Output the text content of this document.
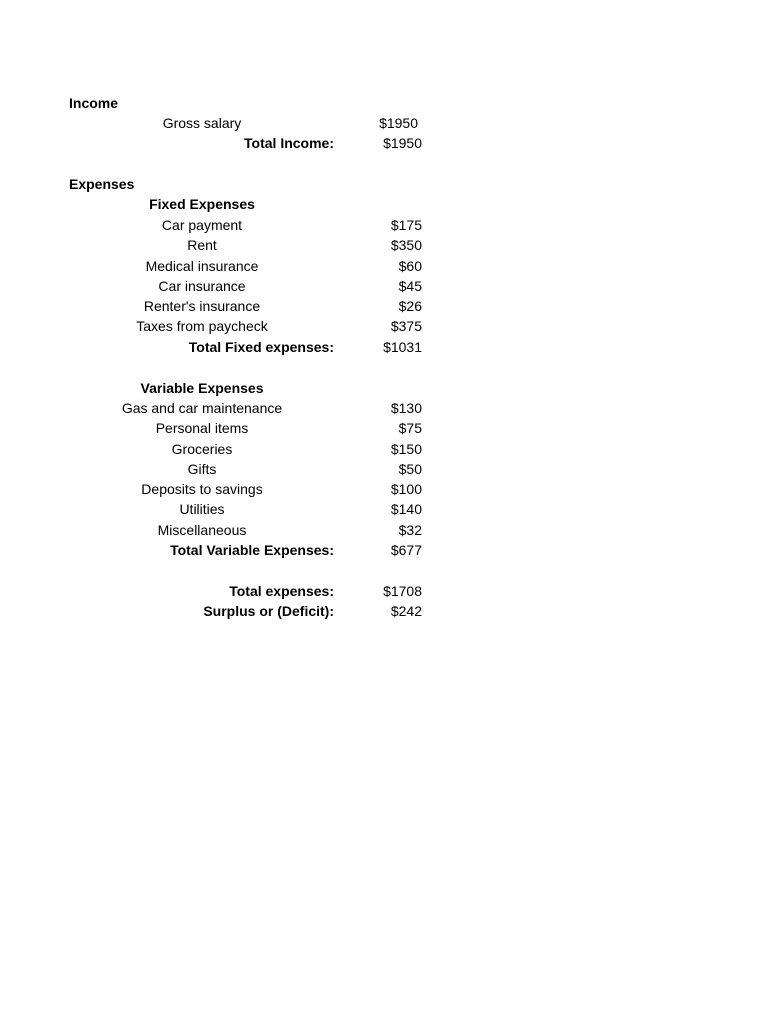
Income
Gross salary	$1950
Total Income:	$1950
Expenses
Fixed Expenses
Car payment	$175
Rent	$350
Medical insurance	$60
Car insurance	$45
Renter's insurance	$26
Taxes from paycheck	$375
Total Fixed expenses:	$1031
Variable Expenses
Gas and car maintenance	$130
Personal items	$75
Groceries	$150
Gifts	$50
Deposits to savings	$100
Utilities	$140
Miscellaneous	$32
Total Variable Expenses:	$677
Total expenses:	$1708
Surplus or (Deficit):	$242
